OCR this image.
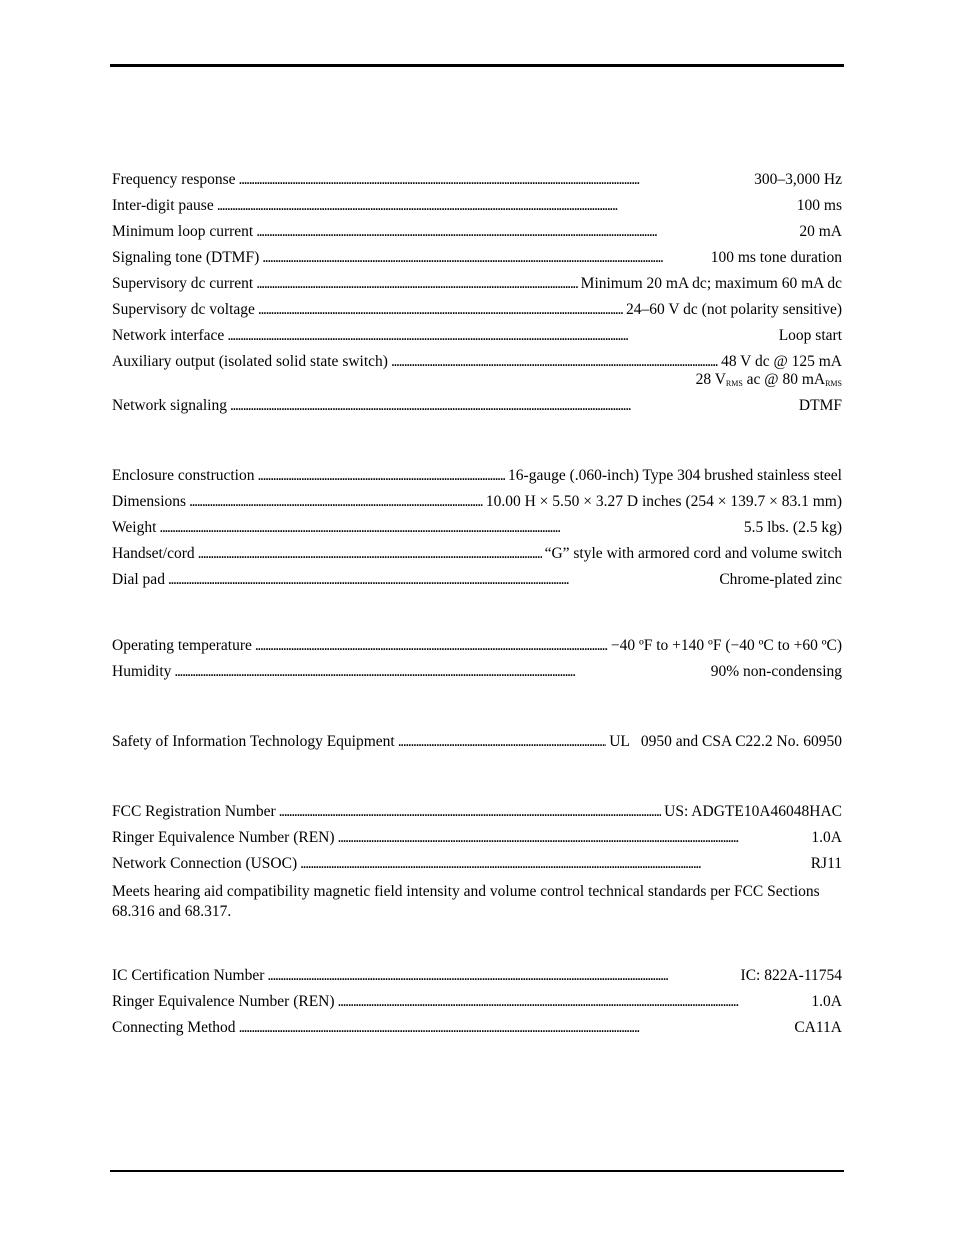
Frequency response . . .	300–3,000 Hz
Inter-digit pause . . .	100 ms
Minimum loop current . . .	20 mA
Signaling tone (DTMF) . . .	100 ms tone duration
Supervisory dc current . . .	Minimum 20 mA dc; maximum 60 mA dc
Supervisory dc voltage . . .	24–60 V dc (not polarity sensitive)
Network interface . . .	Loop start
Auxiliary output (isolated solid state switch) . . .	48 V dc @ 125 mA
28 $V_{RMS}$ ac @ 80 $mA_{RMS}$
Network signaling . . .	DTMF
Enclosure construction . . .	16-gauge (.060-inch) Type 304 brushed stainless steel
Dimensions . . .	10.00 H × 5.50 × 3.27 D inches (254 × 139.7 × 83.1 mm)
Weight . . .	5.5 lbs. (2.5 kg)
Handset/cord . . .	“G” style with armored cord and volume switch
Dial pad . . .	Chrome-plated zinc
Operating temperature . . .	−40 ºF to +140 ºF (−40 ºC to +60 ºC)
Humidity . . .	90% non-condensing
Safety of Information Technology Equipment . . .	UL   0950 and CSA C22.2 No. 60950
FCC Registration Number . . .	US: ADGTE10A46048HAC
Ringer Equivalence Number (REN) . . .	1.0A
Network Connection (USOC) . . .	RJ11
Meets hearing aid compatibility magnetic field intensity and volume control technical standards per FCC Sections 68.316 and 68.317.
IC Certification Number . . .	IC: 822A-11754
Ringer Equivalence Number (REN) . . .	1.0A
Connecting Method . . .	CA11A
